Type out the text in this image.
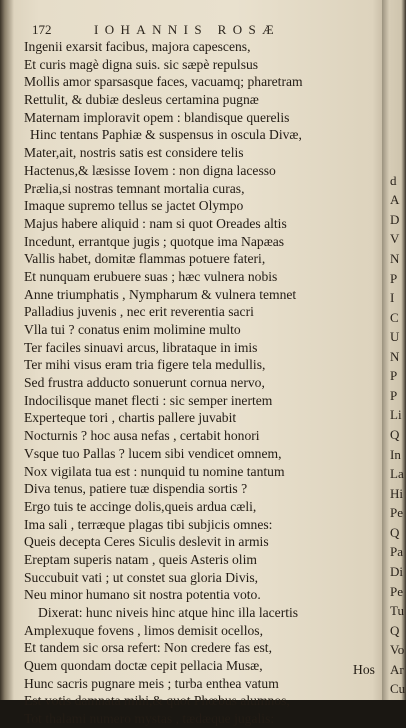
172	IOHANNIS ROSÆ
Ingenii exarsit facibus, majora capescens,
Et curis magè digna suis. sic sæpè repulsus
Mollis amor sparsasque faces, vacuamq; pharetram
Rettulit, & dubiæ desleus certamina pugnæ
Maternam imploravit opem : blandisque querelis
Hinc tentans Paphiæ & suspensus in oscula Divæ,
Mater,ait, nostris satis est considere telis
Hactenus,& læsisse Iovem : non digna lacesso
Prælia,si nostras temnant mortalia curas,
Imaque supremo tellus se jactet Olympo
Majus habere aliquid : nam si quot Oreades altis
Incedunt, errantque jugis ; quotque ima Napæas
Vallis habet, domitæ flammas potuere fateri,
Et nunquam erubuere suas ; hæc vulnera nobis
Anne triumphatis , Nympharum & vulnera temnet
Palladius juvenis , nec erit reverentia sacri
Vlla tui ? conatus enim molimine multo
Ter faciles sinuavi arcus, librataque in imis
Ter mihi visus eram tria figere tela medullis,
Sed frustra adducto sonuerunt cornua nervo,
Indocilisque manet flecti : sic semper inertem
Experteque tori , chartis pallere juvabit
Nocturnis ? hoc ausa nefas , certabit honori
Vsque tuo Pallas ? lucem sibi vendicet omnem,
Nox vigilata tua est : nunquid tu nomine tantum
Diva tenus, patiere tuæ dispendia sortis ?
Ergo tuis te accinge dolis,queis ardua cæli,
Ima sali , terræque plagas tibi subjicis omnes:
Queis decepta Ceres Siculis deslevit in armis
Ereptam superis natam , queis Asteris olim
Succubuit vati ; ut constet sua gloria Divis,
Neu minor humano sit nostra potentia voto.
Dixerat: hunc niveis hinc atque hinc illa lacertis
Amplexuque fovens , limos demisit ocellos,
Et tandem sic orsa refert: Non credere fas est,
Quem quondam doctæ cepit pellacia Musæ,
Hunc sacris pugnare meis ; turba enthea vatum
Est votis damnata mihi,& quot Phœbus alumnos,
Tot thalami numero mystas , tædæque jugalis:
Hos
d
A
D
V
N
P
I
C
U
N
P
P
Li
Q
In
La
Hi
Pe
Q
Pa
Di
Pe
Tu
Q
Vo
Ar
Cu
